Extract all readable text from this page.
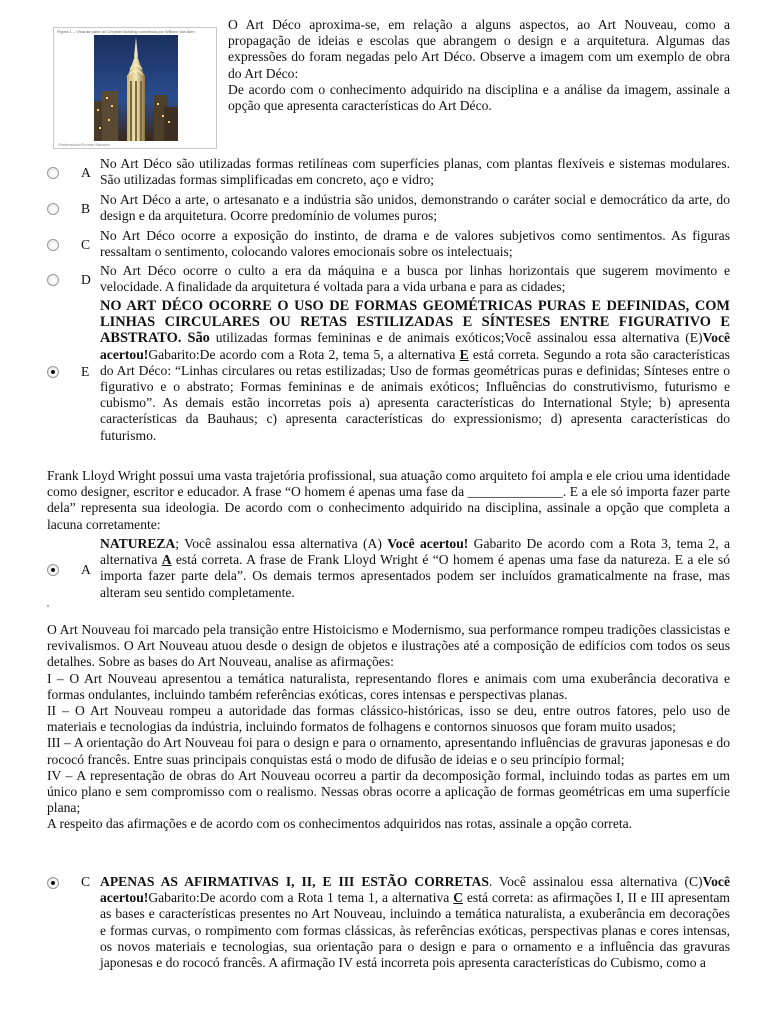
Figura 1 – Vista da parte do Chrysler Building concebida por William Van Alen
Shutterstock/Roman Babakin
O Art Déco aproxima-se, em relação a alguns aspectos, ao Art Nouveau, como a propagação de ideias e escolas que abrangem o design e a arquitetura. Algumas das expressões do foram negadas pelo Art Déco. Observe a imagem com um exemplo de obra do Art Déco:
De acordo com o conhecimento adquirido na disciplina e a análise da imagem, assinale a opção que apresenta características do Art Déco.
A
No Art Déco são utilizadas formas retilíneas com superfícies planas, com plantas flexíveis e sistemas modulares. São utilizadas formas simplificadas em concreto, aço e vidro;
B
No Art Déco a arte, o artesanato e a indústria são unidos, demonstrando o caráter social e democrático da arte, do design e da arquitetura. Ocorre predomínio de volumes puros;
C
No Art Déco ocorre a exposição do instinto, de drama e de valores subjetivos como sentimentos. As figuras ressaltam o sentimento, colocando valores emocionais sobre os intelectuais;
D
No Art Déco ocorre o culto a era da máquina e a busca por linhas horizontais que sugerem movimento e velocidade. A finalidade da arquitetura é voltada para a vida urbana e para as cidades;
E
NO ART DÉCO OCORRE O USO DE FORMAS GEOMÉTRICAS PURAS E DEFINIDAS, COM LINHAS CIRCULARES OU RETAS ESTILIZADAS E SÍNTESES ENTRE FIGURATIVO E ABSTRATO. São utilizadas formas femininas e de animais exóticos;Você assinalou essa alternativa (E)Você acertou!Gabarito:De acordo com a Rota 2, tema 5, a alternativa E está correta. Segundo a rota são características do Art Déco: “Linhas circulares ou retas estilizadas; Uso de formas geométricas puras e definidas; Sínteses entre o figurativo e o abstrato; Formas femininas e de animais exóticos; Influências do construtivismo, futurismo e cubismo”. As demais estão incorretas pois a) apresenta características do International Style; b) apresenta características da Bauhaus; c) apresenta características do expressionismo; d) apresenta características do futurismo.
Frank Lloyd Wright possui uma vasta trajetória profissional, sua atuação como arquiteto foi ampla e ele criou uma identidade como designer, escritor e educador. A frase “O homem é apenas uma fase da ______________. E a ele só importa fazer parte dela” representa sua ideologia. De acordo com o conhecimento adquirido na disciplina, assinale a opção que completa a lacuna corretamente:
A
NATUREZA; Você assinalou essa alternativa (A) Você acertou! Gabarito De acordo com a Rota 3, tema 2, a alternativa A está correta. A frase de Frank Lloyd Wright é “O homem é apenas uma fase da natureza. E a ele só importa fazer parte dela”. Os demais termos apresentados podem ser incluídos gramaticalmente na frase, mas alteram seu sentido completamente.
O Art Nouveau foi marcado pela transição entre Histoicismo e Modernismo, sua performance rompeu tradições classicistas e revivalismos. O Art Nouveau atuou desde o design de objetos e ilustrações até a composição de edifícios com todos os seus detalhes. Sobre as bases do Art Nouveau, analise as afirmações:
I – O Art Nouveau apresentou a temática naturalista, representando flores e animais com uma exuberância decorativa e formas ondulantes, incluindo também referências exóticas, cores intensas e perspectivas planas.
II – O Art Nouveau rompeu a autoridade das formas clássico-históricas, isso se deu, entre outros fatores, pelo uso de materiais e tecnologias da indústria, incluindo formatos de folhagens e contornos sinuosos que foram muito usados;
III – A orientação do Art Nouveau foi para o design e para o ornamento, apresentando influências de gravuras japonesas e do rococó francês. Entre suas principais conquistas está o modo de difusão de ideias e o seu princípio formal;
IV – A representação de obras do Art Nouveau ocorreu a partir da decomposição formal, incluindo todas as partes em um único plano e sem compromisso com o realismo. Nessas obras ocorre a aplicação de formas geométricas em uma superfície plana;
A respeito das afirmações e de acordo com os conhecimentos adquiridos nas rotas, assinale a opção correta.
C APENAS AS AFIRMATIVAS I, II, E III ESTÃO CORRETAS. Você assinalou essa alternativa (C)Você acertou!Gabarito:De acordo com a Rota 1 tema 1, a alternativa C está correta: as afirmações I, II e III apresentam as bases e características presentes no Art Nouveau, incluindo a temática naturalista, a exuberância em decorações e formas curvas, o rompimento com formas clássicas, às referências exóticas, perspectivas planas e cores intensas, os novos materiais e tecnologias, sua orientação para o design e para o ornamento e a influência das gravuras japonesas e do rococó francês. A afirmação IV está incorreta pois apresenta características do Cubismo, como a
